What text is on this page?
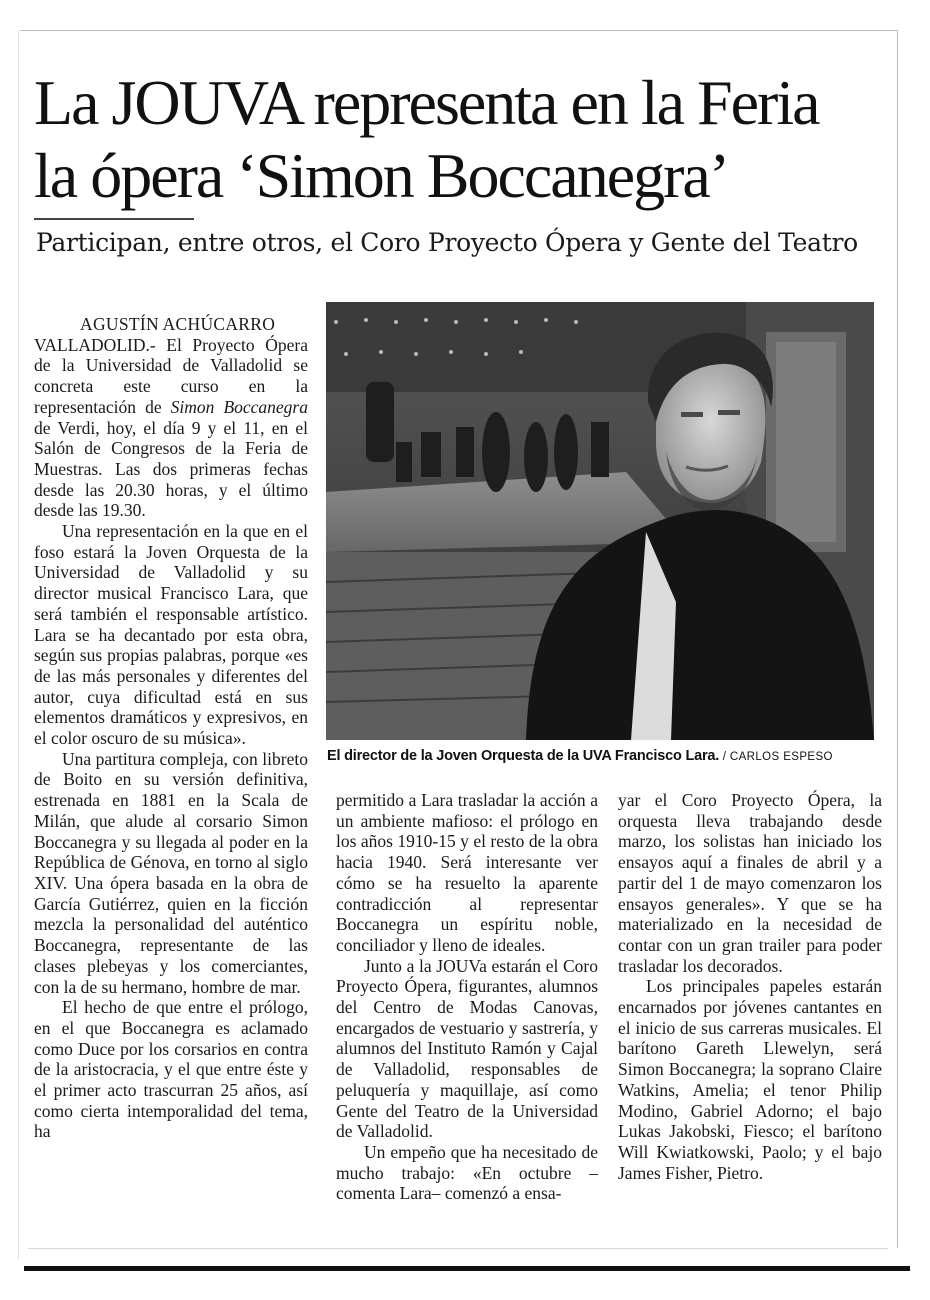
La JOUVA representa en la Feria
la ópera ‘Simon Boccanegra’
Participan, entre otros, el Coro Proyecto Ópera y Gente del Teatro

AGUSTÍN ACHÚCARRO
VALLADOLID.- El Proyecto Ópera de la Universidad de Valladolid se concreta este curso en la representación de Simon Boccanegra de Verdi, hoy, el día 9 y el 11, en el Salón de Congresos de la Feria de Muestras. Las dos primeras fechas desde las 20.30 horas, y el último desde las 19.30.

Una representación en la que en el foso estará la Joven Orquesta de la Universidad de Valladolid y su director musical Francisco Lara, que será también el responsable artístico. Lara se ha decantado por esta obra, según sus propias palabras, porque «es de las más personales y diferentes del autor, cuya dificultad está en sus elementos dramáticos y expresivos, en el color oscuro de su música».

Una partitura compleja, con libreto de Boito en su versión definitiva, estrenada en 1881 en la Scala de Milán, que alude al corsario Simon Boccanegra y su llegada al poder en la República de Génova, en torno al siglo XIV. Una ópera basada en la obra de García Gutiérrez, quien en la ficción mezcla la personalidad del auténtico Boccanegra, representante de las clases plebeyas y los comerciantes, con la de su hermano, hombre de mar.

El hecho de que entre el prólogo, en el que Boccanegra es aclamado como Duce por los corsarios en contra de la aristocracia, y el que entre éste y el primer acto trascurran 25 años, así como cierta intemporalidad del tema, ha

El director de la Joven Orquesta de la UVA Francisco Lara. / CARLOS ESPESO

permitido a Lara trasladar la acción a un ambiente mafioso: el prólogo en los años 1910-15 y el resto de la obra hacia 1940. Será interesante ver cómo se ha resuelto la aparente contradicción al representar Boccanegra un espíritu noble, conciliador y lleno de ideales.

Junto a la JOUVa estarán el Coro Proyecto Ópera, figurantes, alumnos del Centro de Modas Canovas, encargados de vestuario y sastrería, y alumnos del Instituto Ramón y Cajal de Valladolid, responsables de peluquería y maquillaje, así como Gente del Teatro de la Universidad de Valladolid.

Un empeño que ha necesitado de mucho trabajo: «En octubre –comenta Lara– comenzó a ensa-

yar el Coro Proyecto Ópera, la orquesta lleva trabajando desde marzo, los solistas han iniciado los ensayos aquí a finales de abril y a partir del 1 de mayo comenzaron los ensayos generales». Y que se ha materializado en la necesidad de contar con un gran trailer para poder trasladar los decorados.

Los principales papeles estarán encarnados por jóvenes cantantes en el inicio de sus carreras musicales. El barítono Gareth Llewelyn, será Simon Boccanegra; la soprano Claire Watkins, Amelia; el tenor Philip Modino, Gabriel Adorno; el bajo Lukas Jakobski, Fiesco; el barítono Will Kwiatkowski, Paolo; y el bajo James Fisher, Pietro.
